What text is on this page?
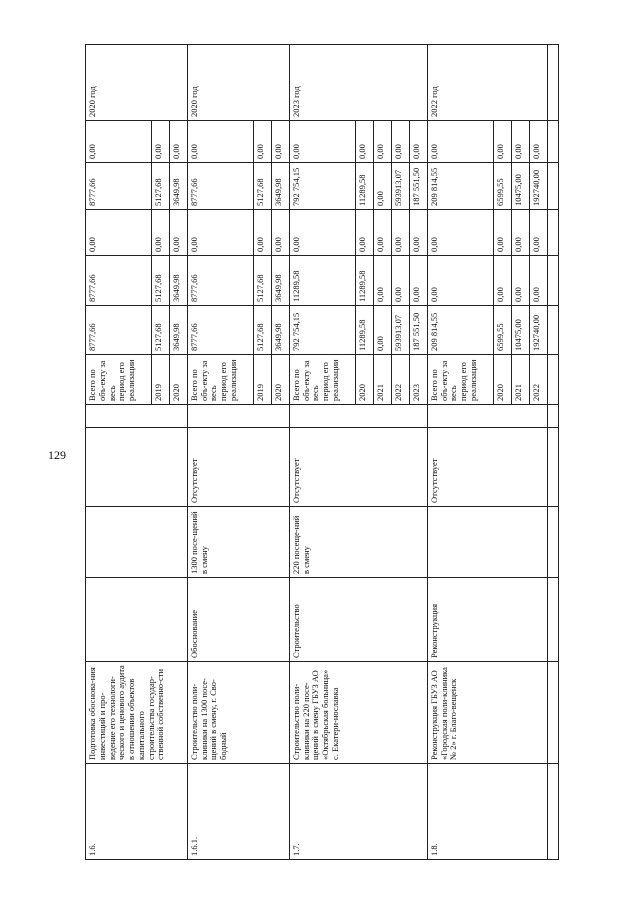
129
1.6.	Подготовка обоснова-ния инвестиций и про-ведение его технологи-ческого и ценового аудита в отношении объектов капитального строительства государ-ственной собственно-сти					Всего по объ-екту за весь период его реализации	8777,66	8777,66	0,00	8777,66	0,00	2020 год
						2019	5127,68	5127,68	0,00	5127,68	0,00	
						2020	3649,98	3649,98	0,00	3649,98	0,00	
1.6.1.	Строительство поли-клиники на 1300 посе-щений в смену, г. Сво-бодный	Обоснование	1300 посе-щений в смену	Отсутствует		Всего по объ-екту за весь период его реализации	8777,66	8777,66	0,00	8777,66	0,00	2020 год
						2019	5127,68	5127,68	0,00	5127,68	0,00	
						2020	3649,98	3649,98	0,00	3649,98	0,00	
1.7.	Строительство поли-клиники на 220 посе-щений в смену ГБУЗ АО «Октябрьская больница» с. Екатери-нославка	Строительство	220 посеще-ний в смену	Отсутствует		Всего по объ-екту за весь период его реализации	792 754,15	11289,58	0,00	792 754,15	0,00	2023 год
						2020	11289,58	11289,58	0,00	11289,58	0,00	
						2021	0,00	0,00	0,00	0,00	0,00	
						2022	593913,07	0,00	0,00	593913,07	0,00	
						2023	187 551,50	0,00	0,00	187 551,50	0,00	
1.8.	Реконструкция ГБУЗ АО «Городская поли-клиника № 2» г. Благо-вещенск	Реконструкция		Отсутствует		Всего по объ-екту за весь период его реализации	209 814,55	0,00	0,00	209 814,55	0,00	2022 год
						2020	6599,55	0,00	0,00	6599,55	0,00	
						2021	10475,00	0,00	0,00	10475,00	0,00	
						2022	192740,00	0,00	0,00	192740,00	0,00	
